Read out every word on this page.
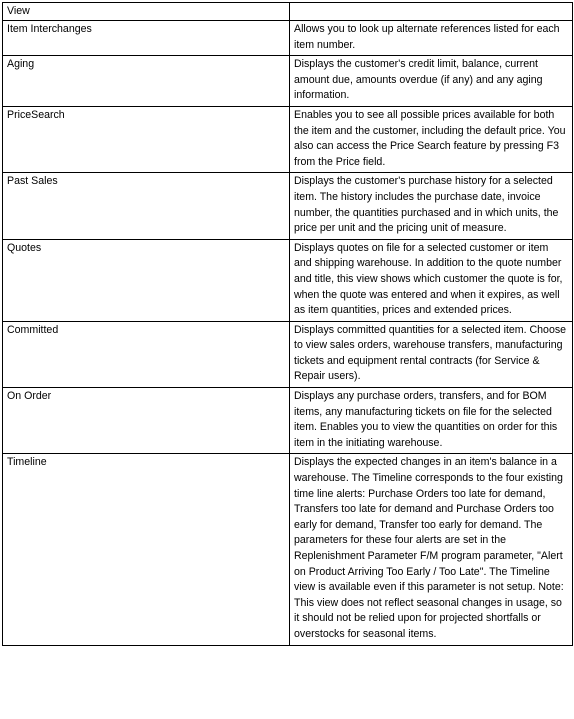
View	
Item Interchanges	Allows you to look up alternate references listed for each item number.
Aging	Displays the customer's credit limit, balance, current amount due, amounts overdue (if any) and any aging information.
PriceSearch	Enables you to see all possible prices available for both the item and the customer, including the default price. You also can access the Price Search feature by pressing F3 from the Price field.
Past Sales	Displays the customer's purchase history for a selected item. The history includes the purchase date, invoice number, the quantities purchased and in which units, the price per unit and the pricing unit of measure.
Quotes	Displays quotes on file for a selected customer or item and shipping warehouse. In addition to the quote number and title, this view shows which customer the quote is for, when the quote was entered and when it expires, as well as item quantities, prices and extended prices.
Committed	Displays committed quantities for a selected item. Choose to view sales orders, warehouse transfers, manufacturing tickets and equipment rental contracts (for Service & Repair users).
On Order	Displays any purchase orders, transfers, and for BOM items, any manufacturing tickets on file for the selected item. Enables you to view the quantities on order for this item in the initiating warehouse.
Timeline	Displays the expected changes in an item's balance in a warehouse. The Timeline corresponds to the four existing time line alerts: Purchase Orders too late for demand, Transfers too late for demand and Purchase Orders too early for demand, Transfer too early for demand. The parameters for these four alerts are set in the Replenishment Parameter F/M program parameter, "Alert on Product Arriving Too Early / Too Late". The Timeline view is available even if this parameter is not setup. Note: This view does not reflect seasonal changes in usage, so it should not be relied upon for projected shortfalls or overstocks for seasonal items.
